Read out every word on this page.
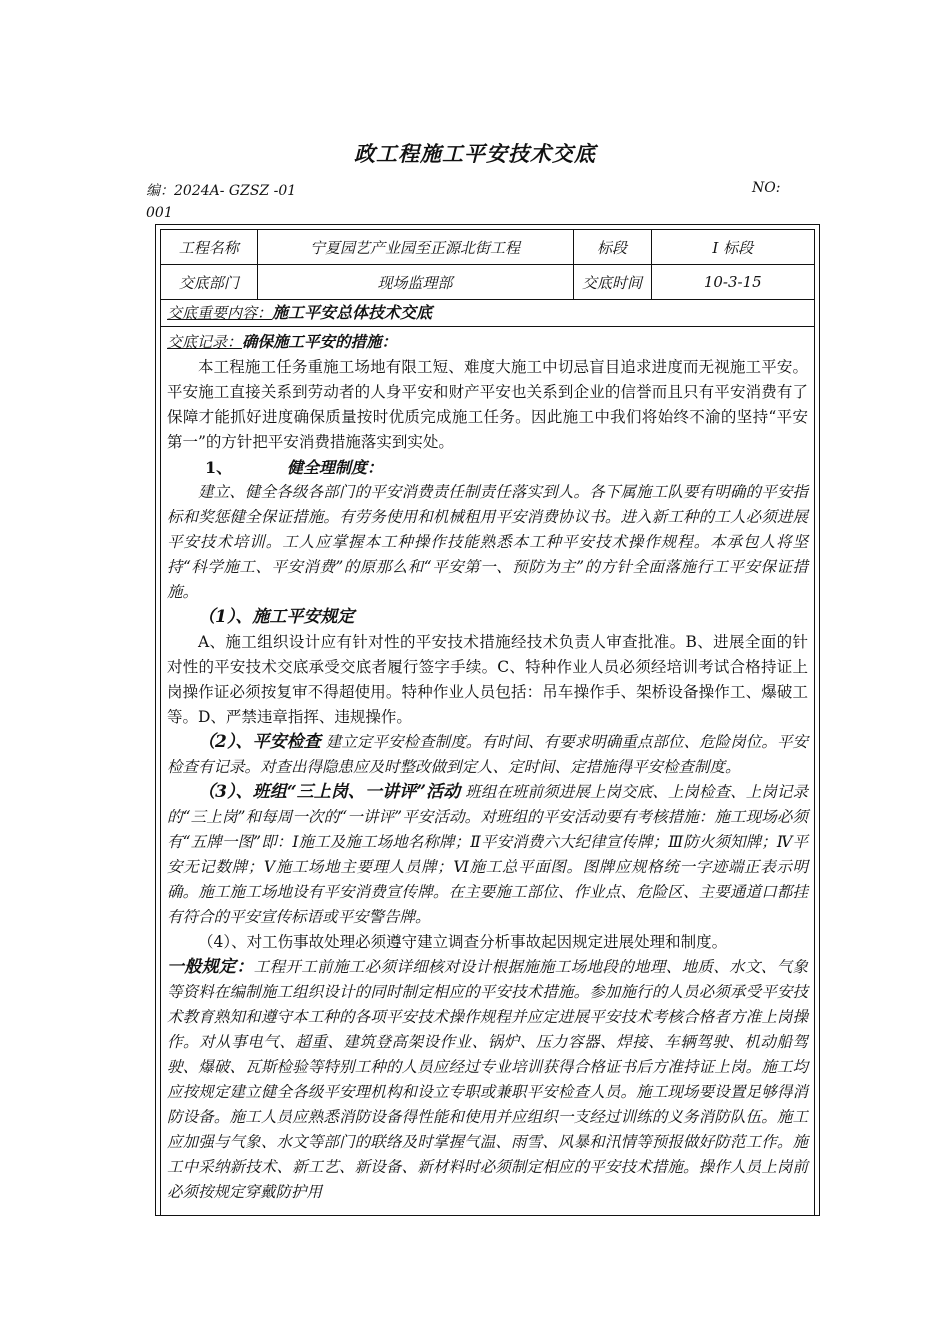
政工程施工平安技术交底
编：2024A- GZSZ -01	NO:
001
工程名称	宁夏园艺产业园至正源北街工程	标段	Ⅰ 标段
交底部门	现场监理部	交底时间	10-3-15
交底重要内容：施工平安总体技术交底

交底记录：确保施工平安的措施：

本工程施工任务重施工场地有限工短、难度大施工中切忌盲目追求进度而无视施工平安。平安施工直接关系到劳动者的人身平安和财产平安也关系到企业的信誉而且只有平安消费有了保障才能抓好进度确保质量按时优质完成施工任务。因此施工中我们将始终不渝的坚持“平安第一”的方针把平安消费措施落实到实处。

1、	健全理制度：

建立、健全各级各部门的平安消费责任制责任落实到人。各下属施工队要有明确的平安指标和奖惩健全保证措施。有劳务使用和机械租用平安消费协议书。进入新工种的工人必须进展平安技术培训。工人应掌握本工种操作技能熟悉本工种平安技术操作规程。本承包人将坚持“科学施工、平安消费”的原那么和“平安第一、预防为主”的方针全面落施行工平安保证措施。

（1）、施工平安规定

A、施工组织设计应有针对性的平安技术措施经技术负责人审查批准。B、进展全面的针对性的平安技术交底承受交底者履行签字手续。C、特种作业人员必须经培训考试合格持证上岗操作证必须按复审不得超使用。特种作业人员包括：吊车操作手、架桥设备操作工、爆破工等。D、严禁违章指挥、违规操作。

（2）、平安检查 建立定平安检查制度。有时间、有要求明确重点部位、危险岗位。平安检查有记录。对查出得隐患应及时整改做到定人、定时间、定措施得平安检查制度。

（3）、班组“三上岗、一讲评”活动 班组在班前须进展上岗交底、上岗检查、上岗记录的“三上岗”和每周一次的“一讲评”平安活动。对班组的平安活动要有考核措施：施工现场必须有“五牌一图”即：Ⅰ施工及施工场地名称牌；Ⅱ平安消费六大纪律宣传牌；Ⅲ防火须知牌；Ⅳ平安无记数牌；Ⅴ施工场地主要理人员牌；Ⅵ施工总平面图。图牌应规格统一字迹端正表示明确。施工施工场地设有平安消费宣传牌。在主要施工部位、作业点、危险区、主要通道口都挂有符合的平安宣传标语或平安警告牌。

（4）、对工伤事故处理必须遵守建立调查分析事故起因规定进展处理和制度。

一般规定：工程开工前施工必须详细核对设计根据施施工场地段的地理、地质、水文、气象等资料在编制施工组织设计的同时制定相应的平安技术措施。参加施行的人员必须承受平安技术教育熟知和遵守本工种的各项平安技术操作规程并应定进展平安技术考核合格者方准上岗操作。对从事电气、超重、建筑登高架设作业、锅炉、压力容器、焊接、车辆驾驶、机动船驾驶、爆破、瓦斯检验等特别工种的人员应经过专业培训获得合格证书后方准持证上岗。施工均应按规定建立健全各级平安理机构和设立专职或兼职平安检查人员。施工现场要设置足够得消防设备。施工人员应熟悉消防设备得性能和使用并应组织一支经过训练的义务消防队伍。施工应加强与气象、水文等部门的联络及时掌握气温、雨雪、风暴和汛情等预报做好防范工作。施工中采纳新技术、新工艺、新设备、新材料时必须制定相应的平安技术措施。操作人员上岗前必须按规定穿戴防护用
